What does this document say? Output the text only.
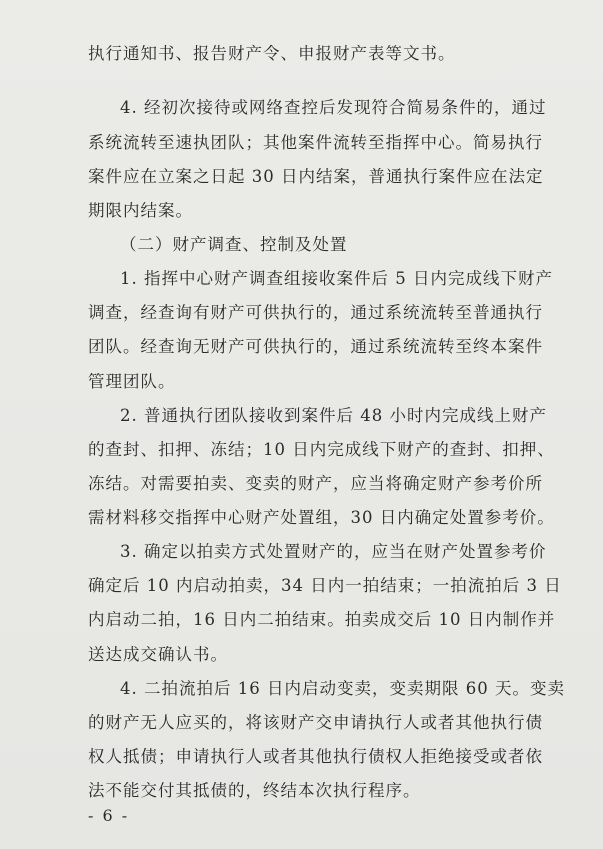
执行通知书、报告财产令、申报财产表等文书。
4. 经初次接待或网络查控后发现符合简易条件的，通过
系统流转至速执团队；其他案件流转至指挥中心。简易执行
案件应在立案之日起 30 日内结案，普通执行案件应在法定
期限内结案。
（二）财产调查、控制及处置
1. 指挥中心财产调查组接收案件后 5 日内完成线下财产
调查，经查询有财产可供执行的，通过系统流转至普通执行
团队。经查询无财产可供执行的，通过系统流转至终本案件
管理团队。
2. 普通执行团队接收到案件后 48 小时内完成线上财产
的查封、扣押、冻结；10 日内完成线下财产的查封、扣押、
冻结。对需要拍卖、变卖的财产，应当将确定财产参考价所
需材料移交指挥中心财产处置组，30 日内确定处置参考价。
3. 确定以拍卖方式处置财产的，应当在财产处置参考价
确定后 10 内启动拍卖，34 日内一拍结束；一拍流拍后 3 日
内启动二拍，16 日内二拍结束。拍卖成交后 10 日内制作并
送达成交确认书。
4. 二拍流拍后 16 日内启动变卖，变卖期限 60 天。变卖
的财产无人应买的，将该财产交申请执行人或者其他执行债
权人抵债；申请执行人或者其他执行债权人拒绝接受或者依
法不能交付其抵债的，终结本次执行程序。
- 6 -
